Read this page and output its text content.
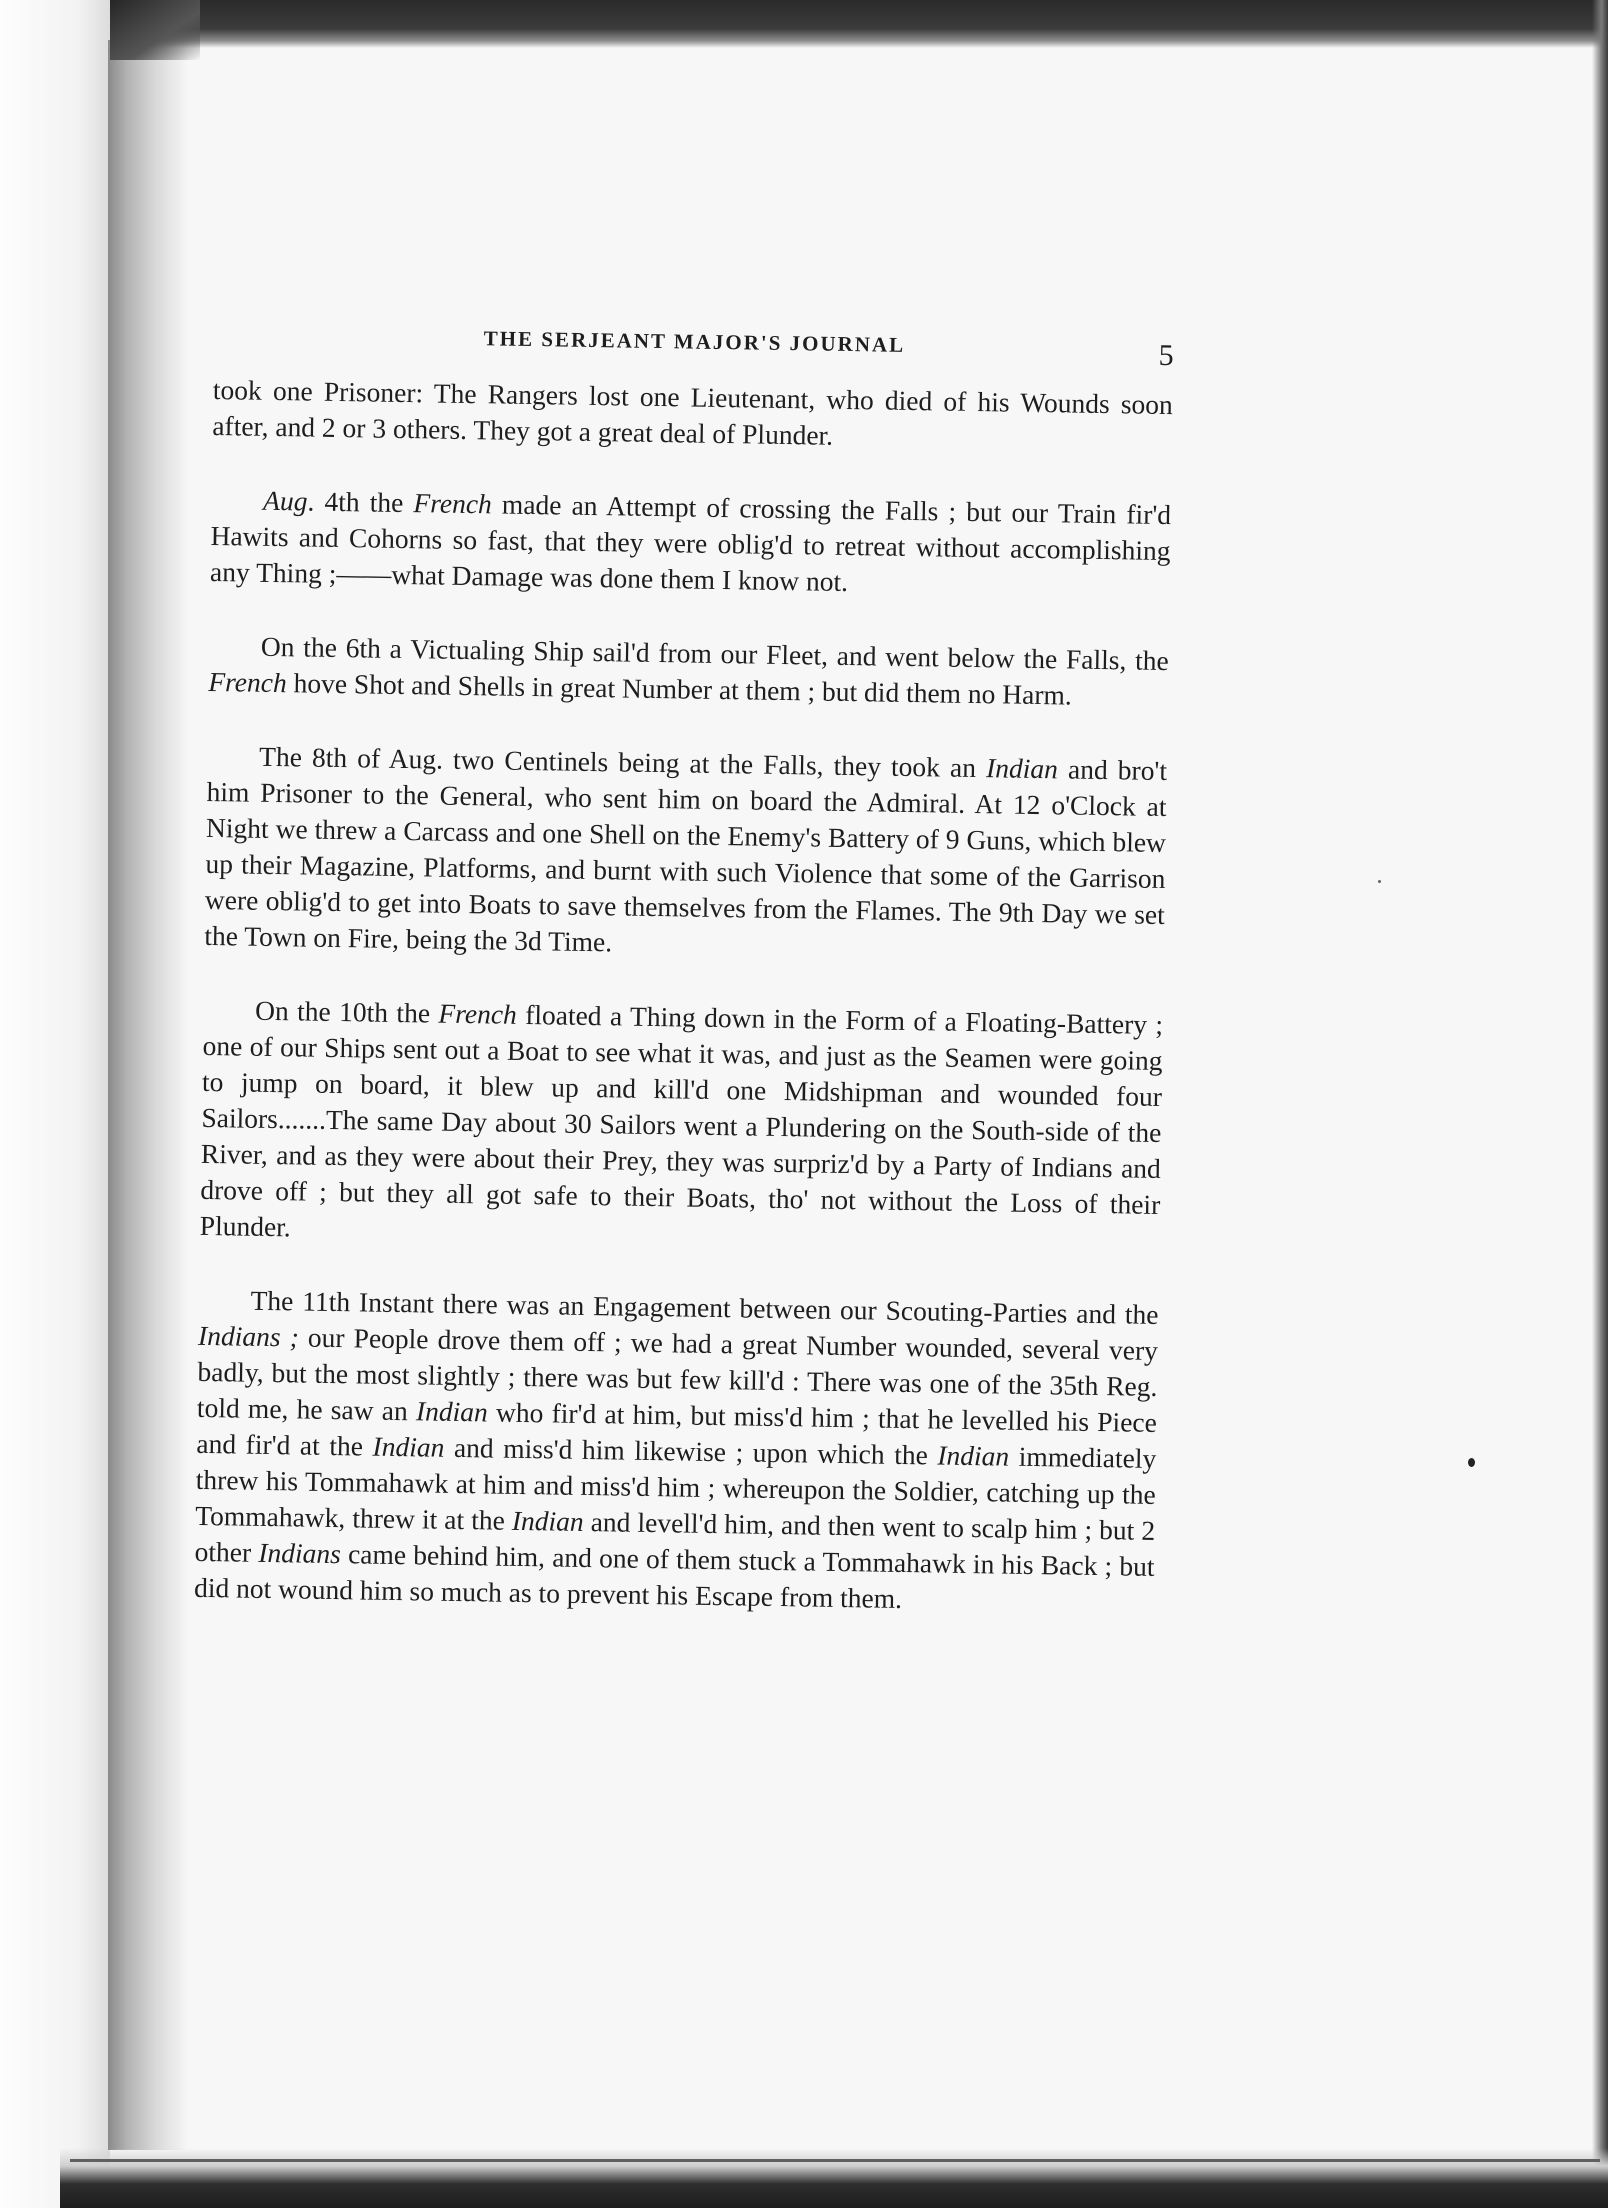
THE SERJEANT MAJOR'S JOURNAL	5

took one Prisoner: The Rangers lost one Lieutenant, who died of his Wounds soon after, and 2 or 3 others. They got a great deal of Plunder.

Aug. 4th the French made an Attempt of crossing the Falls ; but our Train fir'd Hawits and Cohorns so fast, that they were oblig'd to retreat without accomplishing any Thing ;——what Damage was done them I know not.

On the 6th a Victualing Ship sail'd from our Fleet, and went below the Falls, the French hove Shot and Shells in great Number at them ; but did them no Harm.

The 8th of Aug. two Centinels being at the Falls, they took an Indian and bro't him Prisoner to the General, who sent him on board the Admiral. At 12 o'Clock at Night we threw a Carcass and one Shell on the Enemy's Battery of 9 Guns, which blew up their Magazine, Platforms, and burnt with such Violence that some of the Garrison were oblig'd to get into Boats to save themselves from the Flames. The 9th Day we set the Town on Fire, being the 3d Time.

On the 10th the French floated a Thing down in the Form of a Floating-Battery ; one of our Ships sent out a Boat to see what it was, and just as the Seamen were going to jump on board, it blew up and kill'd one Midshipman and wounded four Sailors.......The same Day about 30 Sailors went a Plundering on the South-side of the River, and as they were about their Prey, they was surpriz'd by a Party of Indians and drove off ; but they all got safe to their Boats, tho' not without the Loss of their Plunder.

The 11th Instant there was an Engagement between our Scouting-Parties and the Indians ; our People drove them off ; we had a great Number wounded, several very badly, but the most slightly ; there was but few kill'd : There was one of the 35th Reg. told me, he saw an Indian who fir'd at him, but miss'd him ; that he levelled his Piece and fir'd at the Indian and miss'd him likewise ; upon which the Indian immediately threw his Tommahawk at him and miss'd him ; whereupon the Soldier, catching up the Tommahawk, threw it at the Indian and levell'd him, and then went to scalp him ; but 2 other Indians came behind him, and one of them stuck a Tommahawk in his Back ; but did not wound him so much as to prevent his Escape from them.
